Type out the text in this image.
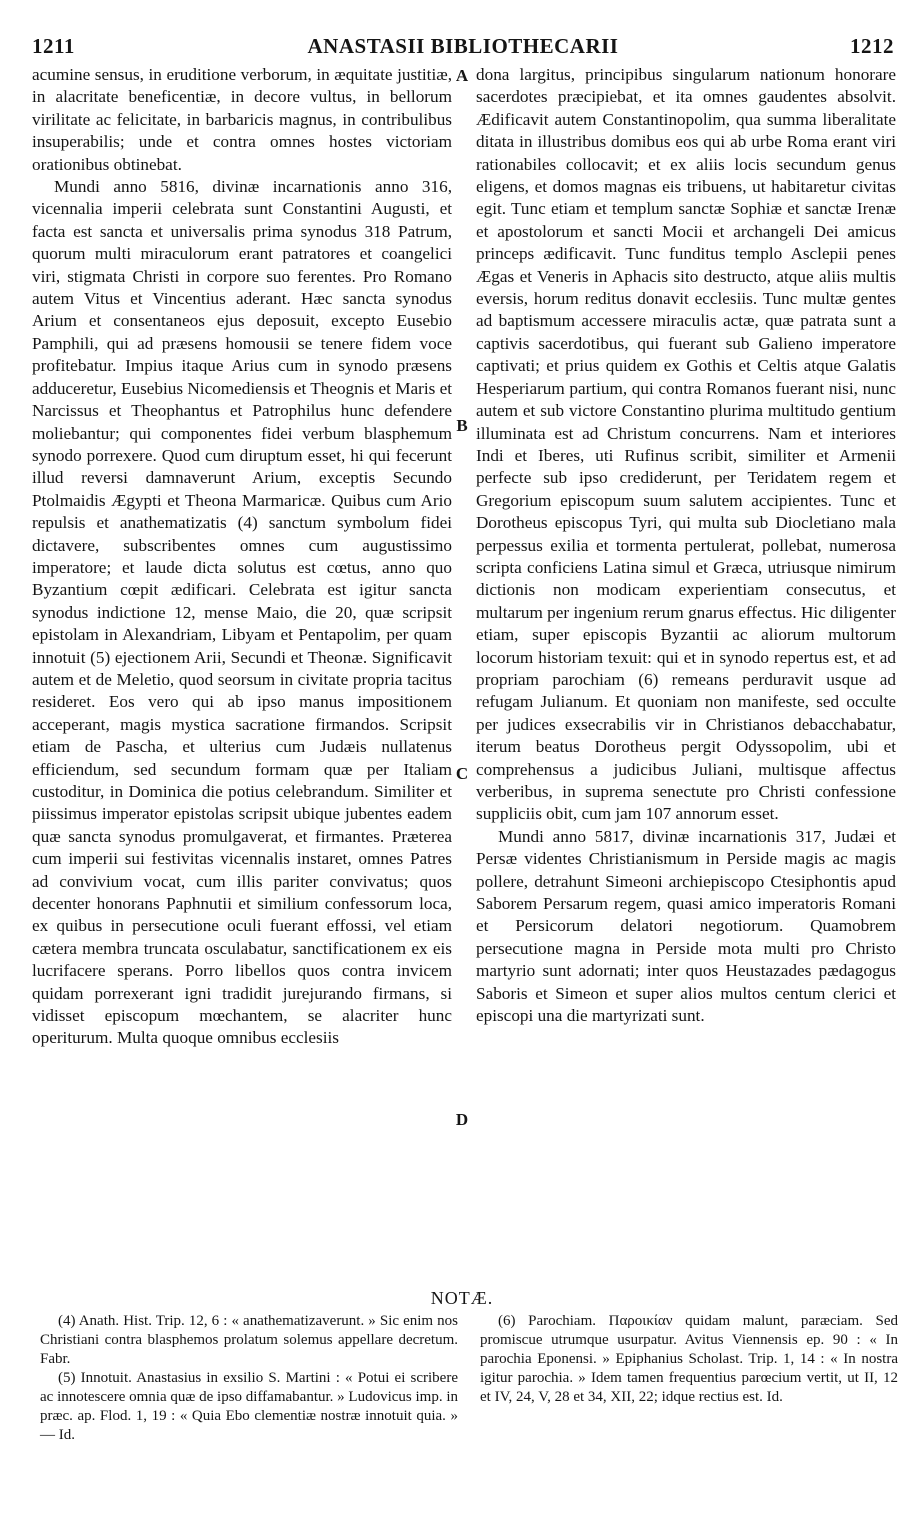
1211	ANASTASII BIBLIOTHECARII	1212

acumine sensus, in eruditione verborum, in æquitate justitiæ, in alacritate beneficentiæ, in decore vultus, in bellorum virilitate ac felicitate, in barbaricis magnus, in contribulibus insuperabilis; unde et contra omnes hostes victoriam orationibus obtinebat.

Mundi anno 5816, divinæ incarnationis anno 316, vicennalia imperii celebrata sunt Constantini Augusti, et facta est sancta et universalis prima synodus 318 Patrum, quorum multi miraculorum erant patratores et coangelici viri, stigmata Christi in corpore suo ferentes. Pro Romano autem Vitus et Vincentius aderant. Hæc sancta synodus Arium et consentaneos ejus deposuit, excepto Eusebio Pamphili, qui ad præsens homousii se tenere fidem voce profitebatur. Impius itaque Arius cum in synodo præsens adduceretur, Eusebius Nicomediensis et Theognis et Maris et Narcissus et Theophantus et Patrophilus hunc defendere moliebantur; qui componentes fidei verbum blasphemum synodo porrexere. Quod cum diruptum esset, hi qui fecerunt illud reversi damnaverunt Arium, exceptis Secundo Ptolmaidis Ægypti et Theona Marmaricæ. Quibus cum Ario repulsis et anathematizatis (4) sanctum symbolum fidei dictavere, subscribentes omnes cum augustissimo imperatore; et laude dicta solutus est cœtus, anno quo Byzantium cœpit ædificari. Celebrata est igitur sancta synodus indictione 12, mense Maio, die 20, quæ scripsit epistolam in Alexandriam, Libyam et Pentapolim, per quam innotuit (5) ejectionem Arii, Secundi et Theonæ. Significavit autem et de Meletio, quod seorsum in civitate propria tacitus resideret. Eos vero qui ab ipso manus impositionem acceperant, magis mystica sacratione firmandos. Scripsit etiam de Pascha, et ulterius cum Judæis nullatenus efficiendum, sed secundum formam quæ per Italiam custoditur, in Dominica die potius celebrandum. Similiter et piissimus imperator epistolas scripsit ubique jubentes eadem quæ sancta synodus promulgaverat, et firmantes. Præterea cum imperii sui festivitas vicennalis instaret, omnes Patres ad convivium vocat, cum illis pariter convivatus; quos decenter honorans Paphnutii et similium confessorum loca, ex quibus in persecutione oculi fuerant effossi, vel etiam cætera membra truncata osculabatur, sanctificationem ex eis lucrifacere sperans. Porro libellos quos contra invicem quidam porrexerant igni tradidit jurejurando firmans, si vidisset episcopum mœchantem, se alacriter hunc operiturum. Multa quoque omnibus ecclesiis

dona largitus, principibus singularum nationum honorare sacerdotes præcipiebat, et ita omnes gaudentes absolvit. Ædificavit autem Constantinopolim, qua summa liberalitate ditata in illustribus domibus eos qui ab urbe Roma erant viri rationabiles collocavit; et ex aliis locis secundum genus eligens, et domos magnas eis tribuens, ut habitaretur civitas egit. Tunc etiam et templum sanctæ Sophiæ et sanctæ Irenæ et apostolorum et sancti Mocii et archangeli Dei amicus princeps ædificavit. Tunc funditus templo Asclepii penes Ægas et Veneris in Aphacis sito destructo, atque aliis multis eversis, horum reditus donavit ecclesiis. Tunc multæ gentes ad baptismum accessere miraculis actæ, quæ patrata sunt a captivis sacerdotibus, qui fuerant sub Galieno imperatore captivati; et prius quidem ex Gothis et Celtis atque Galatis Hesperiarum partium, qui contra Romanos fuerant nisi, nunc autem et sub victore Constantino plurima multitudo gentium illuminata est ad Christum concurrens. Nam et interiores Indi et Iberes, uti Rufinus scribit, similiter et Armenii perfecte sub ipso crediderunt, per Teridatem regem et Gregorium episcopum suum salutem accipientes. Tunc et Dorotheus episcopus Tyri, qui multa sub Diocletiano mala perpessus exilia et tormenta pertulerat, pollebat, numerosa scripta conficiens Latina simul et Græca, utriusque nimirum dictionis non modicam experientiam consecutus, et multarum per ingenium rerum gnarus effectus. Hic diligenter etiam, super episcopis Byzantii ac aliorum multorum locorum historiam texuit: qui et in synodo repertus est, et ad propriam parochiam (6) remeans perduravit usque ad refugam Julianum. Et quoniam non manifeste, sed occulte per judices exsecrabilis vir in Christianos debacchabatur, iterum beatus Dorotheus pergit Odyssopolim, ubi et comprehensus a judicibus Juliani, multisque affectus verberibus, in suprema senectute pro Christi confessione suppliciis obit, cum jam 107 annorum esset.

Mundi anno 5817, divinæ incarnationis 317, Judæi et Persæ videntes Christianismum in Perside magis ac magis pollere, detrahunt Simeoni archiepiscopo Ctesiphontis apud Saborem Persarum regem, quasi amico imperatoris Romani et Persicorum delatori negotiorum. Quamobrem persecutione magna in Perside mota multi pro Christo martyrio sunt adornati; inter quos Heustazades pædagogus Saboris et Simeon et super alios multos centum clerici et episcopi una die martyrizati sunt.

A
B
C
D
NOTÆ.

(4) Anath. Hist. Trip. 12, 6 : « anathematizaverunt. » Sic enim nos Christiani contra blasphemos prolatum solemus appellare decretum. Fabr.

(5) Innotuit. Anastasius in exsilio S. Martini : « Potui ei scribere ac innotescere omnia quæ de ipso diffamabantur. » Ludovicus imp. in præc. ap. Flod. 1, 19 : « Quia Ebo clementiæ nostræ innotuit quia. » — Id.

(6) Parochiam. Παροικίαν quidam malunt, paræciam. Sed promiscue utrumque usurpatur. Avitus Viennensis ep. 90 : « In parochia Eponensi. » Epiphanius Scholast. Trip. 1, 14 : « In nostra igitur parochia. » Idem tamen frequentius parœcium vertit, ut II, 12 et IV, 24, V, 28 et 34, XII, 22; idque rectius est. Id.
